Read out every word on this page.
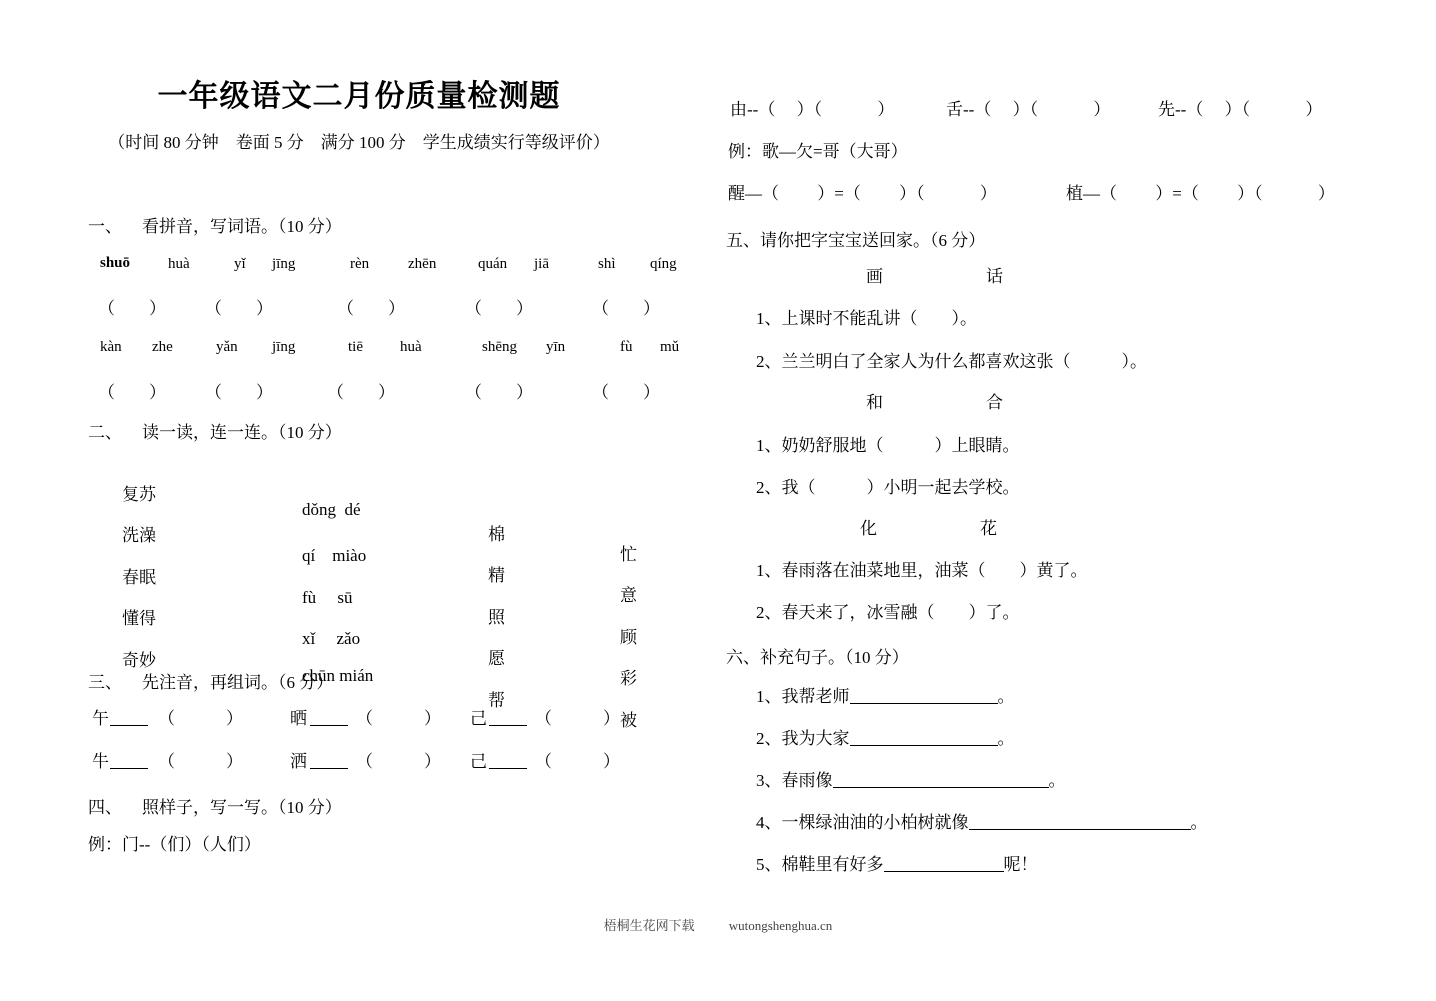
一年级语文二月份质量检测题
（时间 80 分钟　卷面 5 分　满分 100 分　学生成绩实行等级评价）
一、 看拼音，写词语。（10 分）
shuō	huà	yǐ jīng	rèn	zhēn	quán jiā	shì qíng
（　　） （　　）	（　　）	（　　）	（　　）
kàn zhe	yǎn jīng	tiē huà	shēng yīn	fù mǔ
（　　） （　　）	（　　）	（　　）	（　　）
二、 读一读，连一连。（10 分）

复苏

dǒng  dé

棉

忙

洗澡

qí　miào

精

意

春眠

fù　 sū

照

顾

懂得

xǐ　 zǎo

愿

彩

奇妙

chūn mián

帮

被

三、 先注音，再组词。（6 分）
午	（　　　）	晒	（　　　） 己	（　　　）
牛	（　　　）	洒	（　　　） 己	（　　　）
四、 照样子，写一写。（10 分）
例：门--（们）（人们）
由--（　 ）（　　　 ）	舌--（　 ）（　　　 ）	先--（　 ）（　　　 ）
例：歌—欠=哥（大哥）
醒—（　　 ）=（　　 ）（　　　 ）	植—（　　 ）=（　　 ）（　　　 ）
五、请你把字宝宝送回家。（6 分）
画	话
1、上课时不能乱讲（　　）。
2、兰兰明白了全家人为什么都喜欢这张（　　　）。
和	合
1、奶奶舒服地（　　　）上眼睛。
2、我（　　　）小明一起去学校。
化	花
1、春雨落在油菜地里，油菜（　　）黄了。
2、春天来了，冰雪融（　　）了。
六、补充句子。（10 分）
1、我帮老师	。
2、我为大家	。
3、春雨像	。
4、一棵绿油油的小柏树就像	。
5、棉鞋里有好多	呢！
梧桐生花网下载	wutongshenghua.cn
